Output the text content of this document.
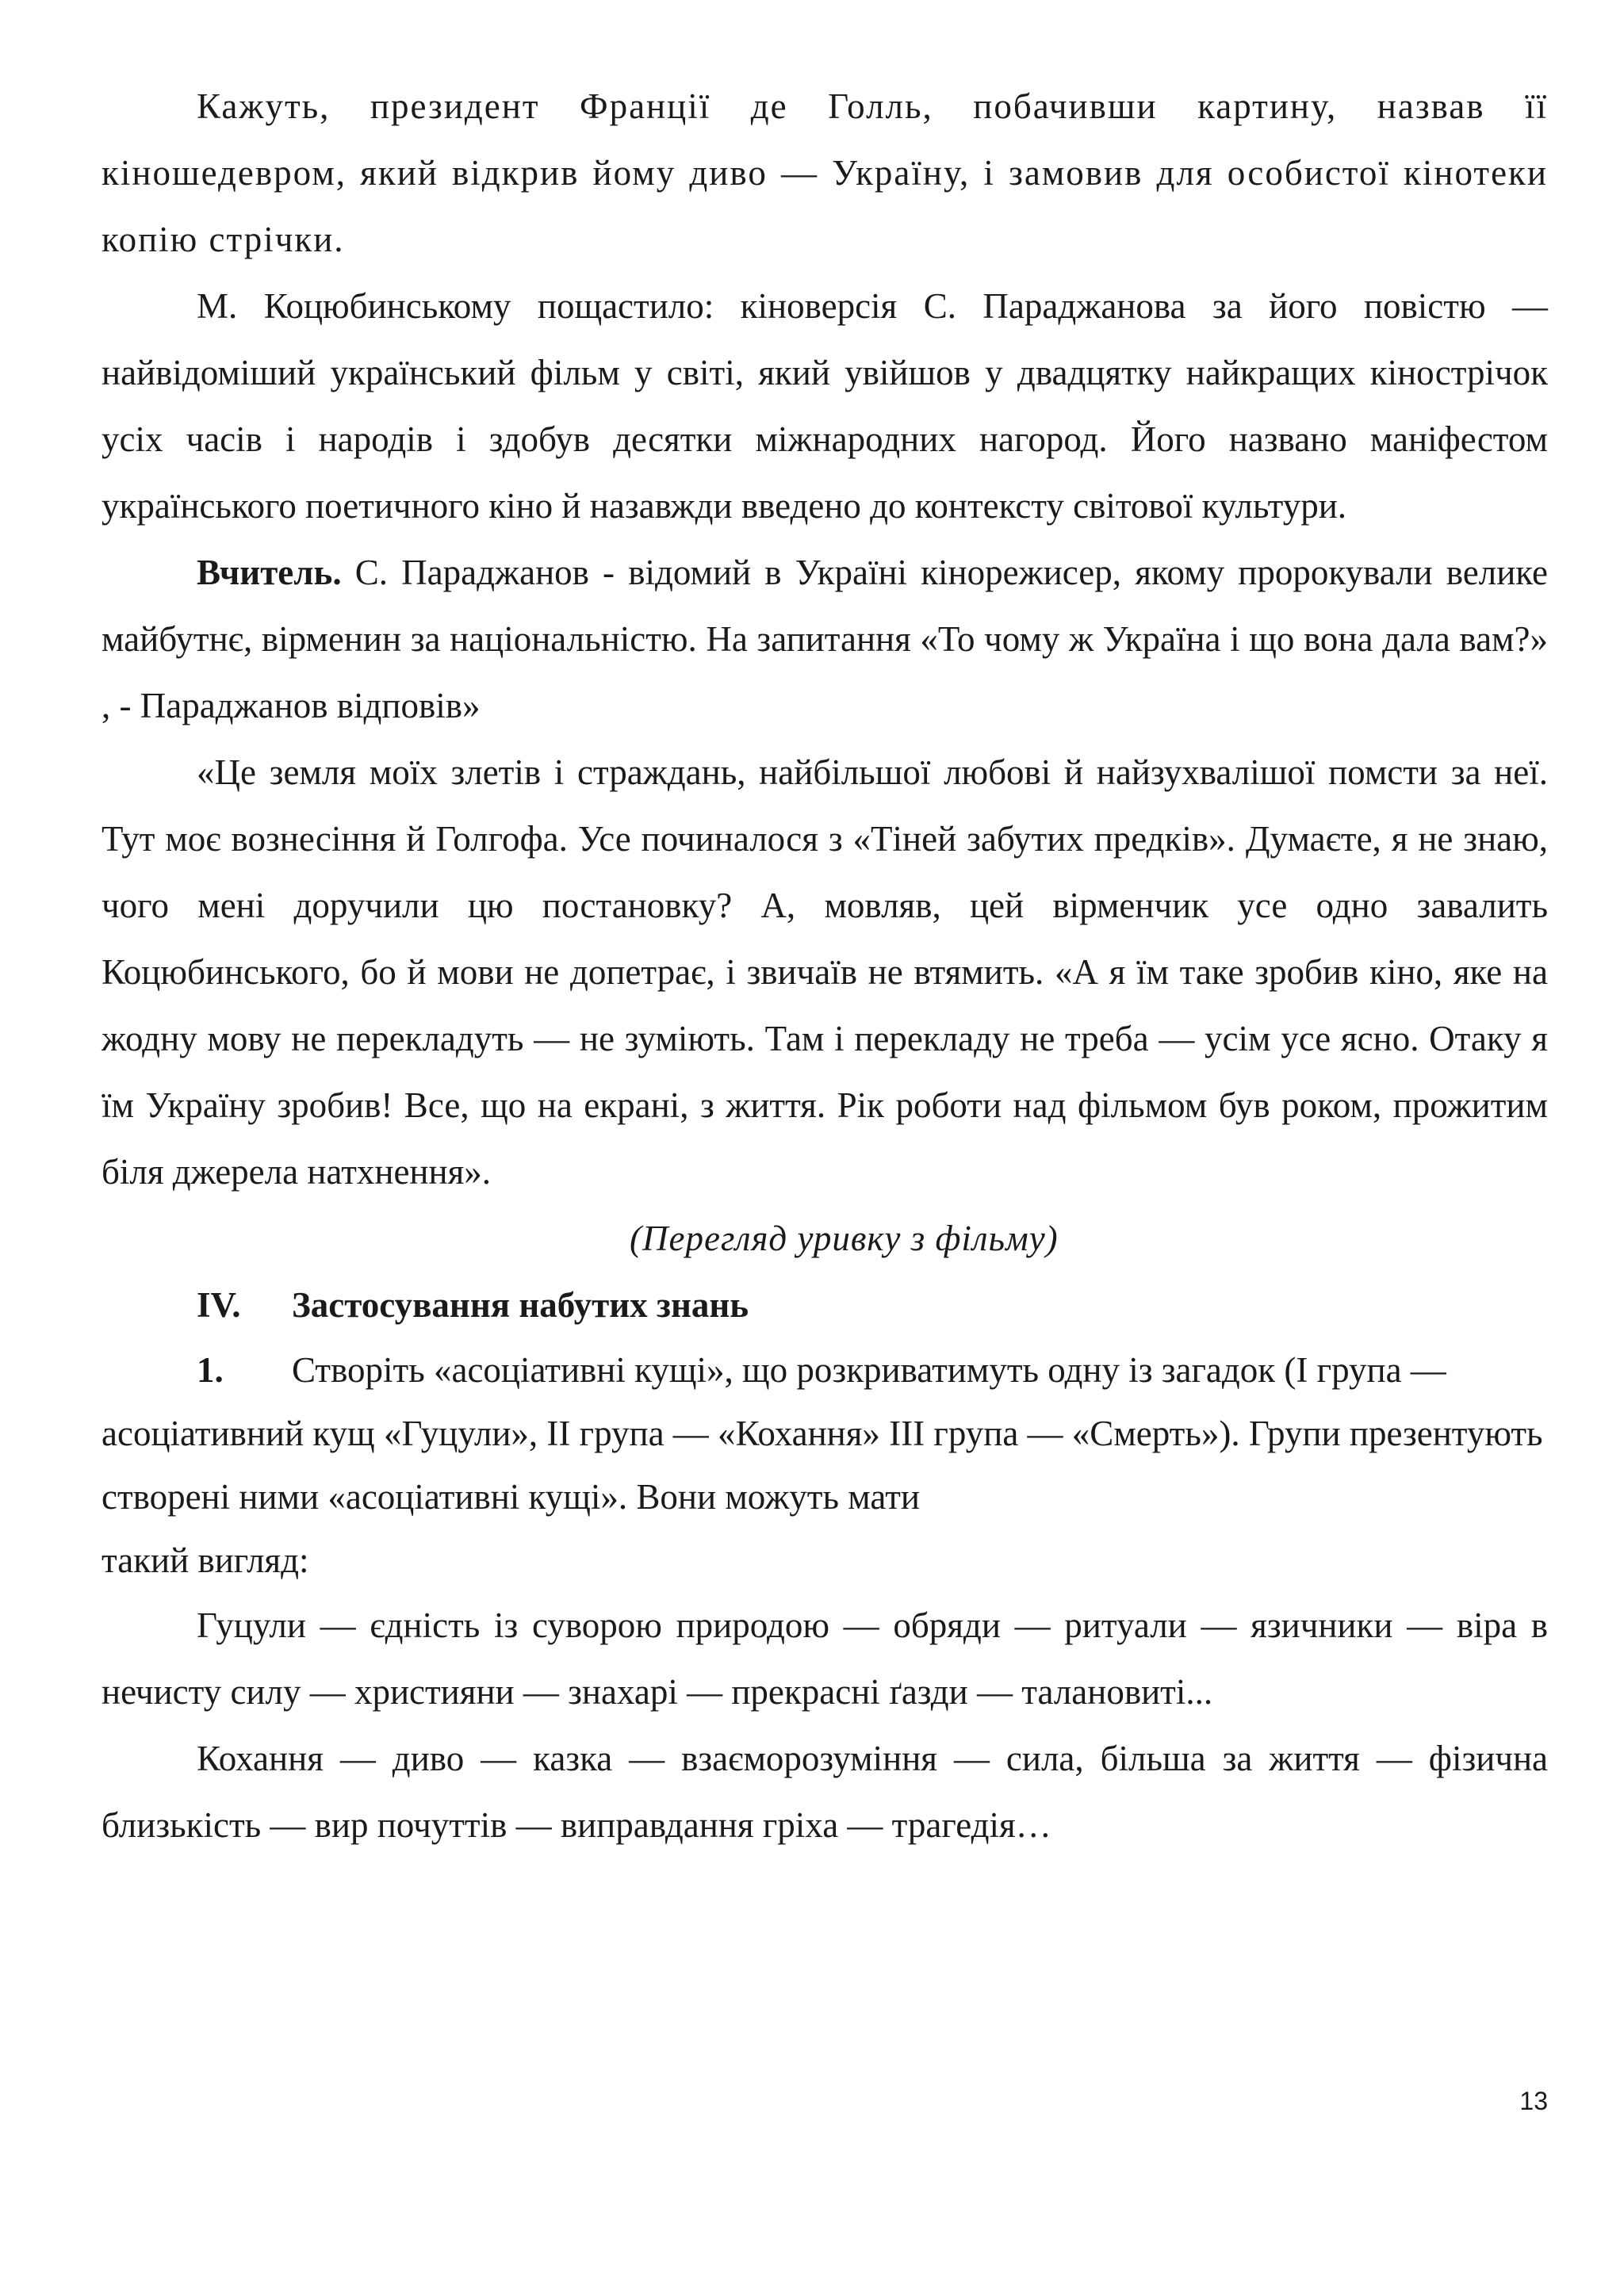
Кажуть, президент Франції де Голль, побачивши картину, назвав її кіношедевром, який відкрив йому диво — Україну, і замовив для особистої кінотеки копію стрічки.

М. Коцюбинському пощастило: кіноверсія С. Параджанова за його повістю — найвідоміший український фільм у світі, який увійшов у двадцятку найкращих кінострічок усіх часів і народів і здобув десятки міжнародних нагород. Його названо маніфестом українського поетичного кіно й назавжди введено до контексту світової культури.

Вчитель. С. Параджанов - відомий в Україні кінорежисер, якому пророкували велике майбутнє, вірменин за національністю. На запитання «То чому ж Україна і що вона дала вам?» , - Параджанов відповів»

«Це земля моїх злетів і страждань, найбільшої любові й найзухвалішої помсти за неї. Тут моє вознесіння й Голгофа. Усе починалося з «Тіней забутих предків». Думаєте, я не знаю, чого мені доручили цю постановку? А, мовляв, цей вірменчик усе одно завалить Коцюбинського, бо й мови не допетрає, і звичаїв не втямить. «А я їм таке зробив кіно, яке на жодну мову не перекладуть — не зуміють. Там і перекладу не треба — усім усе ясно. Отаку я їм Україну зробив! Все, що на екрані, з життя. Рік роботи над фільмом був роком, прожитим біля джерела натхнення».

(Перегляд уривку з фільму)

IV. Застосування набутих знань

1. Створіть «асоціативні кущі», що розкриватимуть одну із загадок (І група — асоціативний кущ «Гуцули», ІІ група — «Кохання» ІІІ група — «Смерть»). Групи презентують створені ними «асоціативні кущі». Вони можуть мати

такий вигляд:

Гуцули — єдність із суворою природою — обряди — ритуали — язичники — віра в нечисту силу — християни — знахарі — прекрасні ґазди — талановиті...

Кохання — диво — казка — взаєморозуміння — сила, більша за життя — фізична близькість — вир почуттів — виправдання гріха — трагедія…

13
